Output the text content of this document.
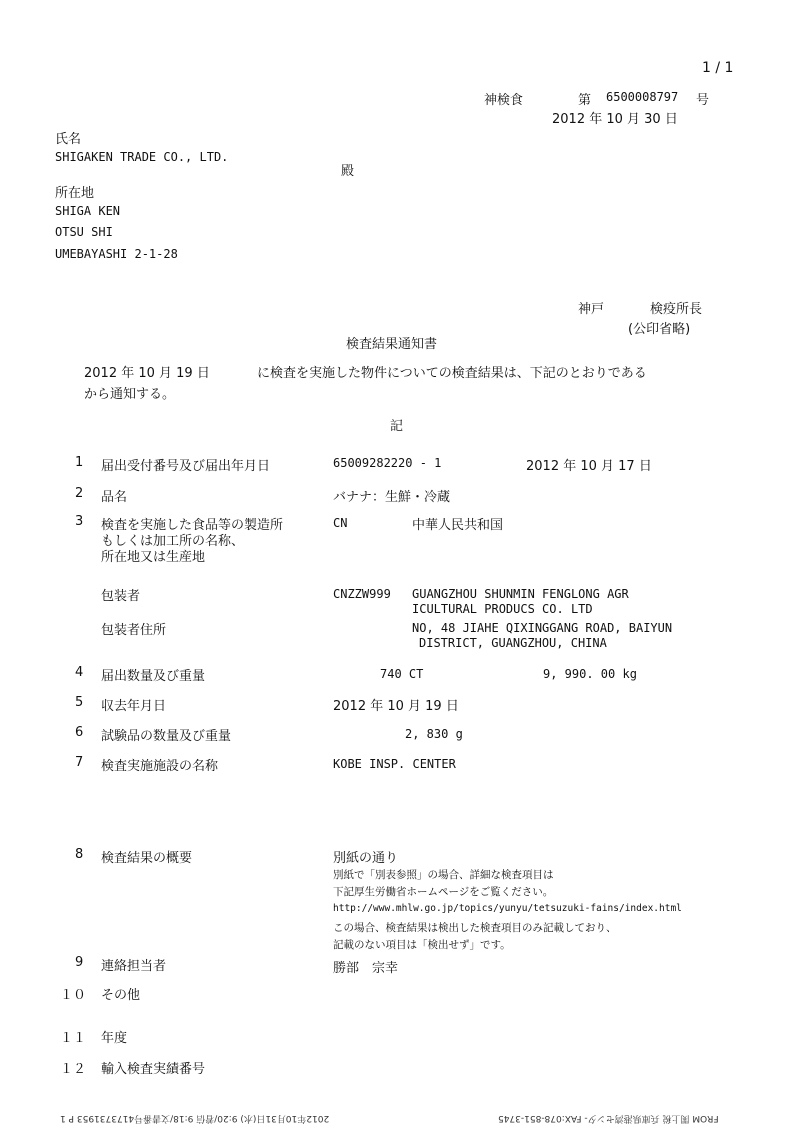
1 / 1
神検食	第 6500008797 号
2012 年 10 月 30 日
氏名
SHIGAKEN TRADE CO., LTD.
殿
所在地
SHIGA KEN
OTSU SHI
UMEBAYASHI 2-1-28
神戸	検疫所長
(公印省略)
検査結果通知書
2012 年 10 月 19 日	に検査を実施した物件についての検査結果は、下記のとおりである
から通知する。
記
1 届出受付番号及び届出年月日	65009282220 - 1	2012 年 10 月 17 日
2 品名	バナナ：生鮮・冷蔵
3 検査を実施した食品等の製造所
もしくは加工所の名称、
所在地又は生産地
CN	中華人民共和国
包装者	CNZZW999 GUANGZHOU SHUNMIN FENGLONG AGR
ICULTURAL PRODUCS CO. LTD
包装者住所	NO, 48 JIAHE QIXINGGANG ROAD, BAIYUN
DISTRICT, GUANGZHOU, CHINA
4 届出数量及び重量	740 CT	9, 990. 00 kg
5 収去年月日	2012 年 10 月 19 日
6 試験品の数量及び重量	2, 830 g
7 検査実施施設の名称	KOBE INSP. CENTER
8 検査結果の概要	別紙の通り
別紙で「別表参照」の場合、詳細な検査項目は
下記厚生労働省ホームページをご覧ください。
http://www.mhlw.go.jp/topics/yunyu/tetsuzuki-fains/index.html
この場合、検査結果は検出した検査項目のみ記載しており、
記載のない項目は「検出せず」です。
9 連絡担当者	勝部　宗幸
１０ その他
１１ 年度
１２ 輸入検査実績番号
2012年10月31日(水) 9:20/着信 9:18/文書番号4173731953 P 1	FROM 関上税 兵庫県港湾セン夕- FAX:078-851-3745
